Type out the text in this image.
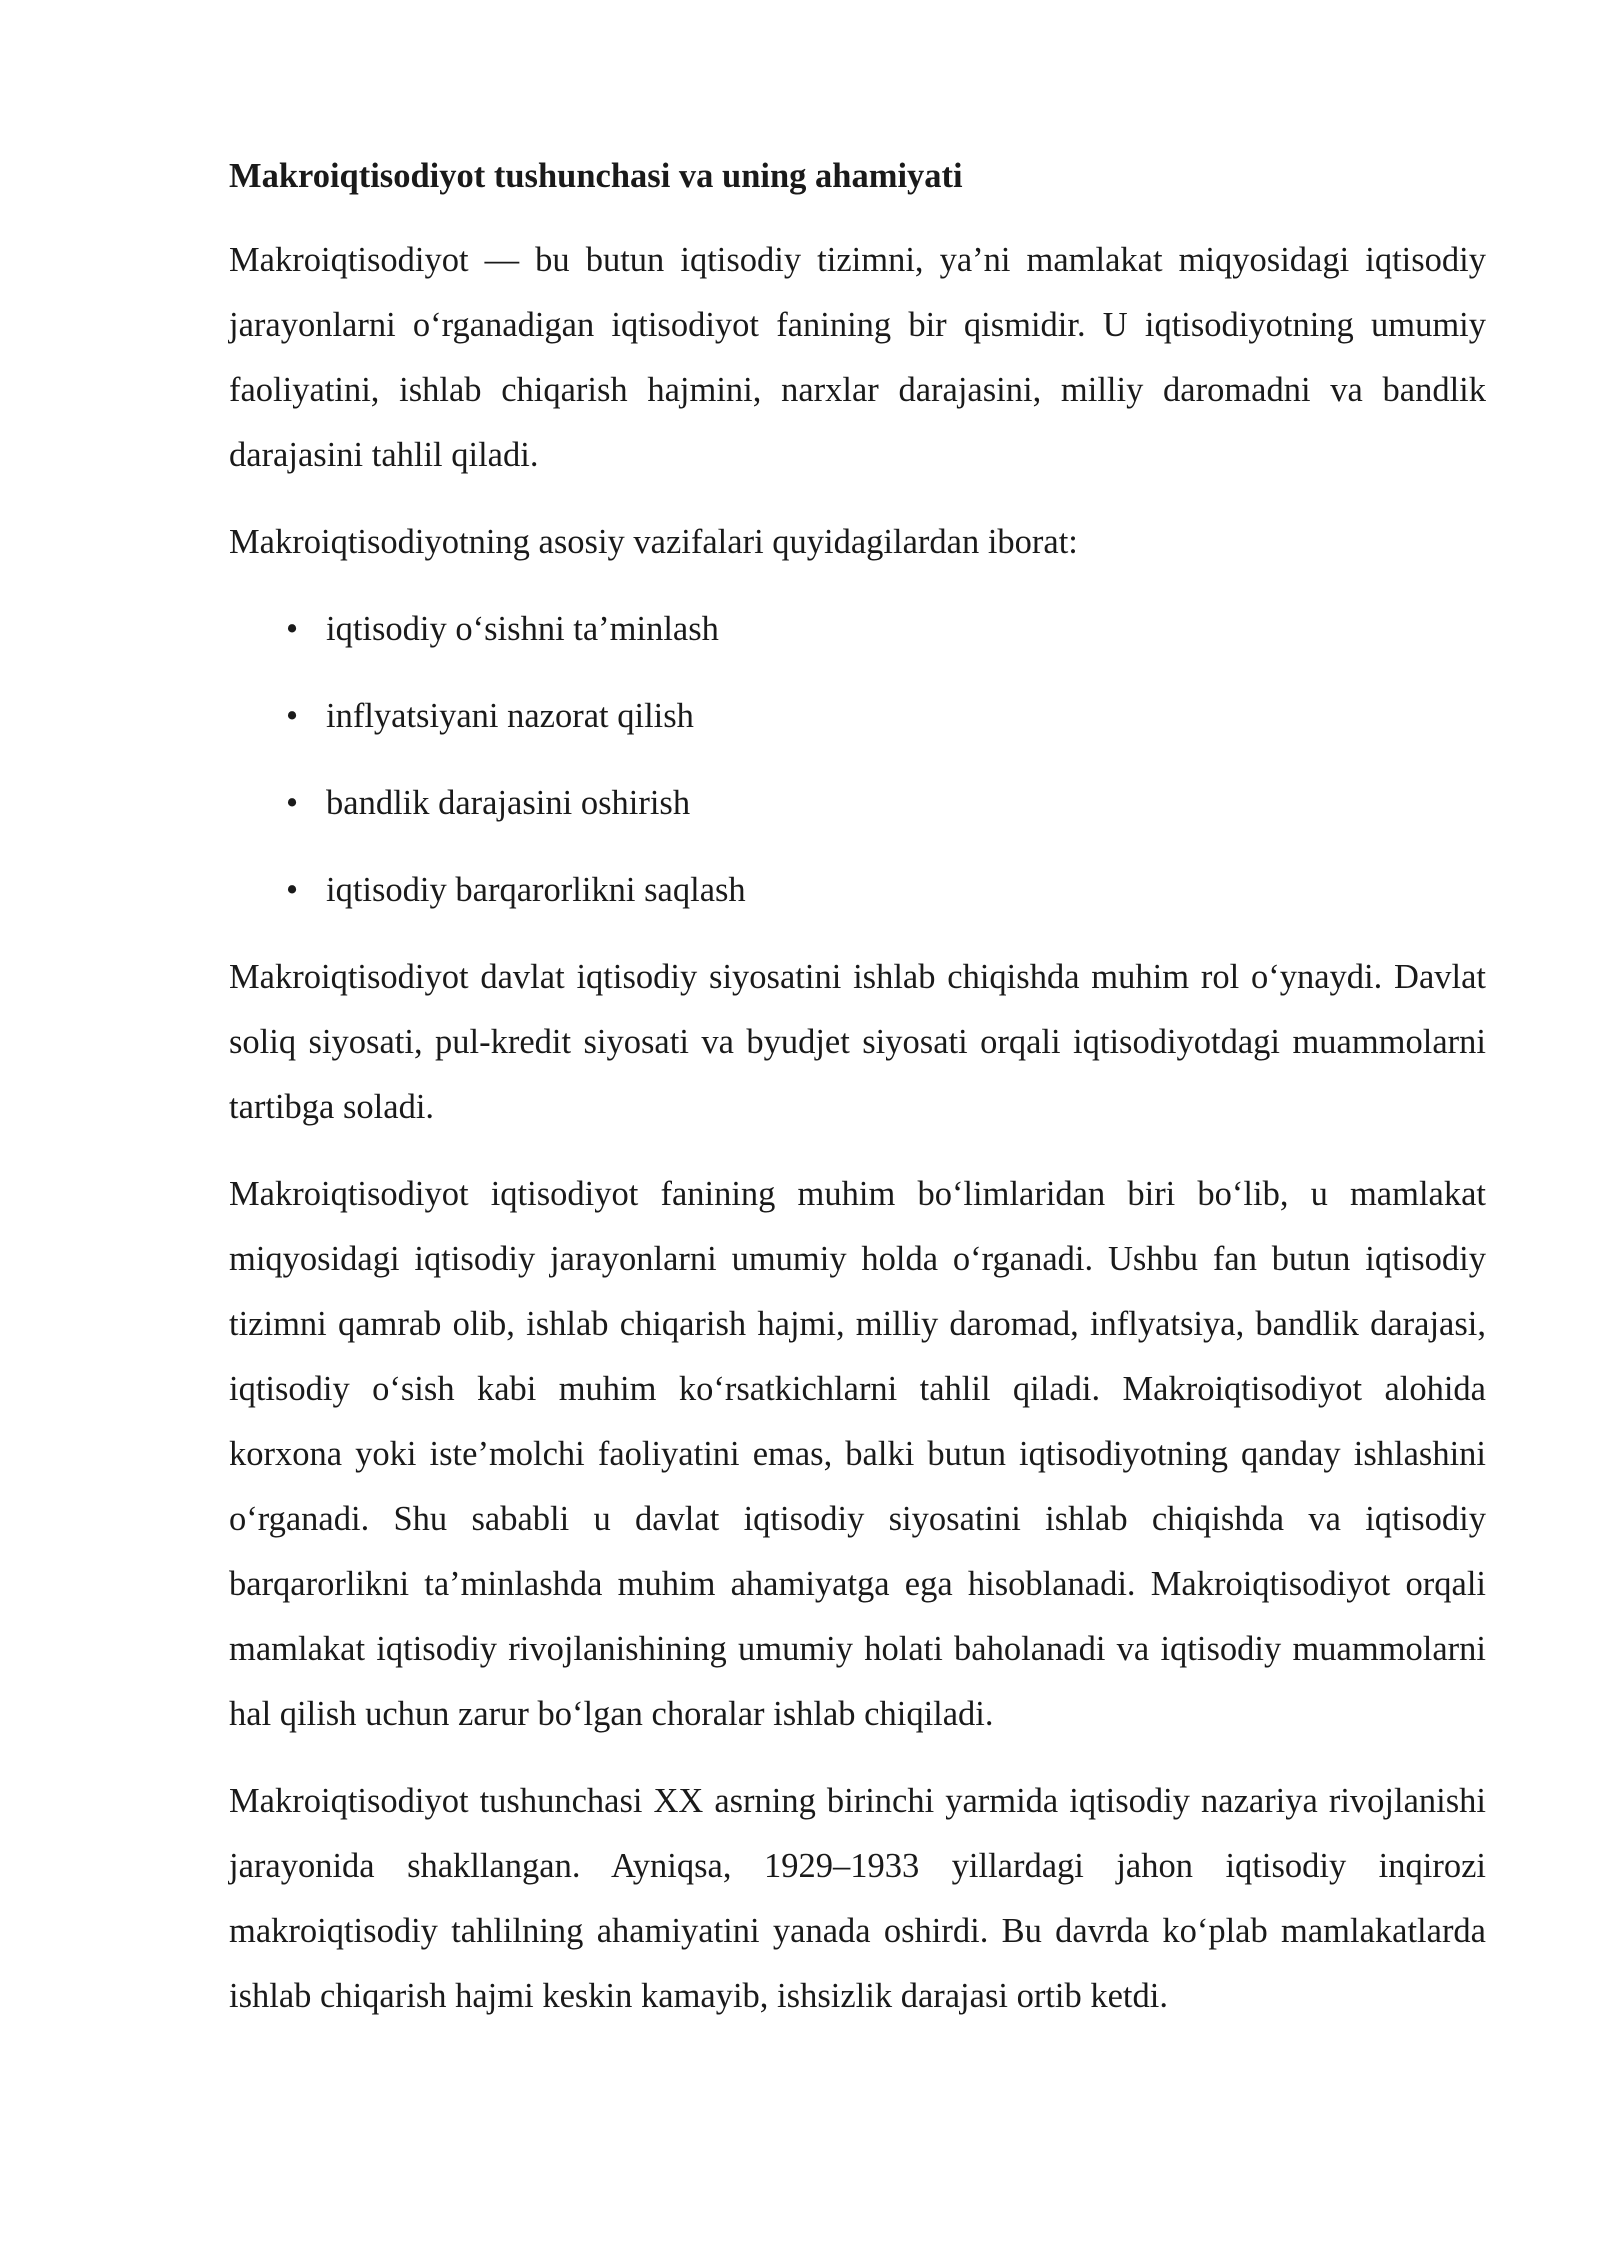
Makroiqtisodiyot tushunchasi va uning ahamiyati

Makroiqtisodiyot — bu butun iqtisodiy tizimni, ya’ni mamlakat miqyosidagi iqtisodiy jarayonlarni o‘rganadigan iqtisodiyot fanining bir qismidir. U iqtisodiyotning umumiy faoliyatini, ishlab chiqarish hajmini, narxlar darajasini, milliy daromadni va bandlik darajasini tahlil qiladi.

Makroiqtisodiyotning asosiy vazifalari quyidagilardan iborat:

• iqtisodiy o‘sishni ta’minlash
• inflyatsiyani nazorat qilish
• bandlik darajasini oshirish
• iqtisodiy barqarorlikni saqlash

Makroiqtisodiyot davlat iqtisodiy siyosatini ishlab chiqishda muhim rol o‘ynaydi. Davlat soliq siyosati, pul-kredit siyosati va byudjet siyosati orqali iqtisodiyotdagi muammolarni tartibga soladi.

Makroiqtisodiyot iqtisodiyot fanining muhim bo‘limlaridan biri bo‘lib, u mamlakat miqyosidagi iqtisodiy jarayonlarni umumiy holda o‘rganadi. Ushbu fan butun iqtisodiy tizimni qamrab olib, ishlab chiqarish hajmi, milliy daromad, inflyatsiya, bandlik darajasi, iqtisodiy o‘sish kabi muhim ko‘rsatkichlarni tahlil qiladi. Makroiqtisodiyot alohida korxona yoki iste’molchi faoliyatini emas, balki butun iqtisodiyotning qanday ishlashini o‘rganadi. Shu sababli u davlat iqtisodiy siyosatini ishlab chiqishda va iqtisodiy barqarorlikni ta’minlashda muhim ahamiyatga ega hisoblanadi. Makroiqtisodiyot orqali mamlakat iqtisodiy rivojlanishining umumiy holati baholanadi va iqtisodiy muammolarni hal qilish uchun zarur bo‘lgan choralar ishlab chiqiladi.

Makroiqtisodiyot tushunchasi XX asrning birinchi yarmida iqtisodiy nazariya rivojlanishi jarayonida shakllangan. Ayniqsa, 1929–1933 yillardagi jahon iqtisodiy inqirozi makroiqtisodiy tahlilning ahamiyatini yanada oshirdi. Bu davrda ko‘plab mamlakatlarda ishlab chiqarish hajmi keskin kamayib, ishsizlik darajasi ortib ketdi.
